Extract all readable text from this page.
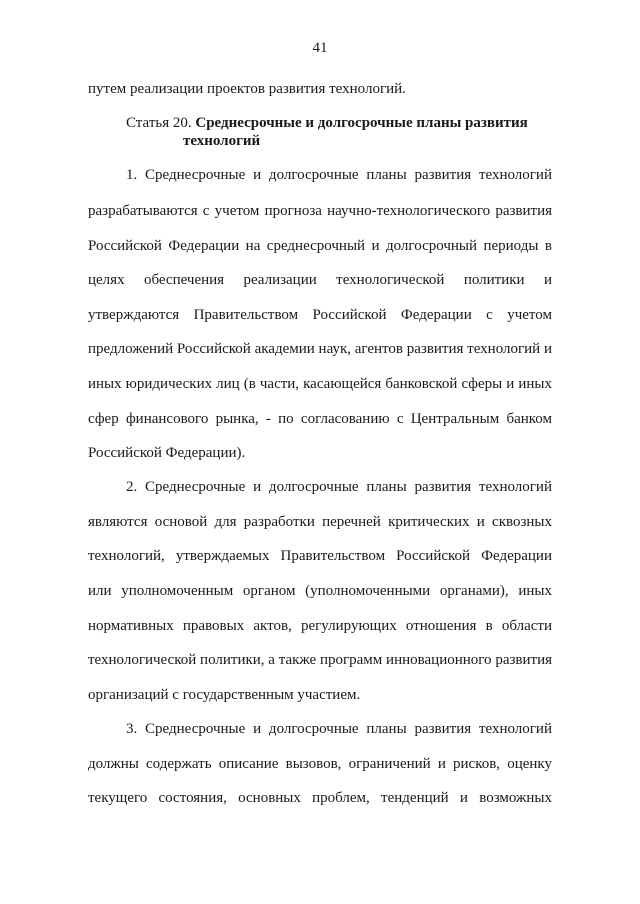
41
путем реализации проектов развития технологий.
Статья 20. Среднесрочные и долгосрочные планы развития
технологий
1. Среднесрочные и долгосрочные планы развития технологий
разрабатываются с учетом прогноза научно-технологического развития
Российской Федерации на среднесрочный и долгосрочный периоды в
целях обеспечения реализации технологической политики и
утверждаются Правительством Российской Федерации с учетом
предложений Российской академии наук, агентов развития технологий и
иных юридических лиц (в части, касающейся банковской сферы и иных
сфер финансового рынка, - по согласованию с Центральным банком
Российской Федерации).
2. Среднесрочные и долгосрочные планы развития технологий
являются основой для разработки перечней критических и сквозных
технологий, утверждаемых Правительством Российской Федерации
или уполномоченным органом (уполномоченными органами), иных
нормативных правовых актов, регулирующих отношения в области
технологической политики, а также программ инновационного развития
организаций с государственным участием.
3. Среднесрочные и долгосрочные планы развития технологий
должны содержать описание вызовов, ограничений и рисков, оценку
текущего состояния, основных проблем, тенденций и возможных
